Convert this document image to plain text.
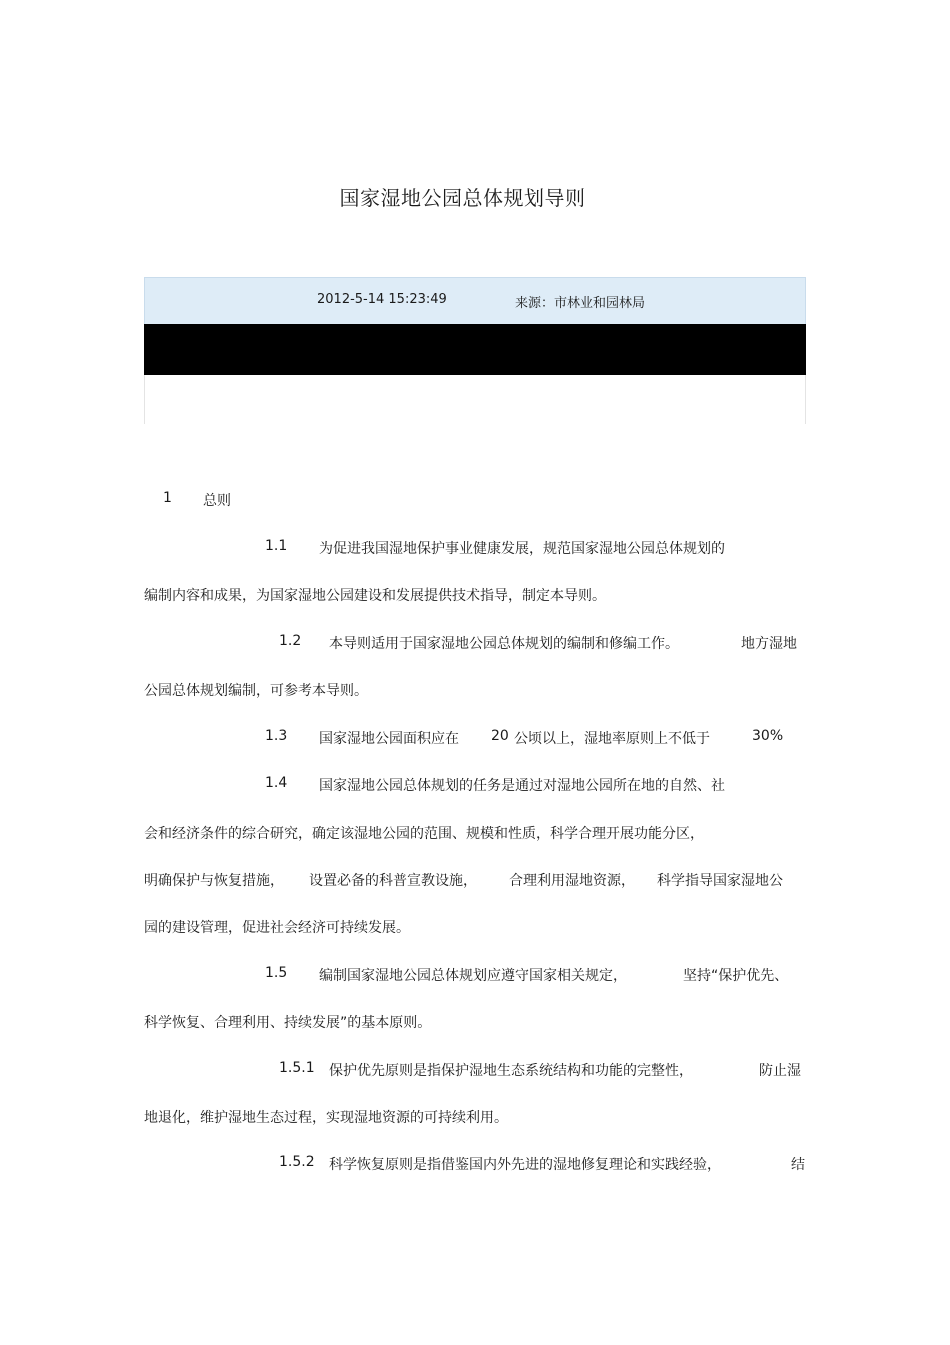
国家湿地公园总体规划导则
2012-5-14 15:23:49	来源：市林业和园林局
1 总则
1.1 为促进我国湿地保护事业健康发展，规范国家湿地公园总体规划的
编制内容和成果，为国家湿地公园建设和发展提供技术指导，制定本导则。
1.2 本导则适用于国家湿地公园总体规划的编制和修编工作。	地方湿地
公园总体规划编制，可参考本导则。
1.3 国家湿地公园面积应在 20 公顷以上，湿地率原则上不低于	30%
1.4 国家湿地公园总体规划的任务是通过对湿地公园所在地的自然、社
会和经济条件的综合研究，确定该湿地公园的范围、规模和性质，科学合理开展功能分区，
明确保护与恢复措施， 设置必备的科普宣教设施， 合理利用湿地资源， 科学指导国家湿地公
园的建设管理，促进社会经济可持续发展。
1.5 编制国家湿地公园总体规划应遵守国家相关规定，	坚持“保护优先、
科学恢复、合理利用、持续发展”的基本原则。
1.5.1 保护优先原则是指保护湿地生态系统结构和功能的完整性，	防止湿
地退化，维护湿地生态过程，实现湿地资源的可持续利用。
1.5.2 科学恢复原则是指借鉴国内外先进的湿地修复理论和实践经验，	结
